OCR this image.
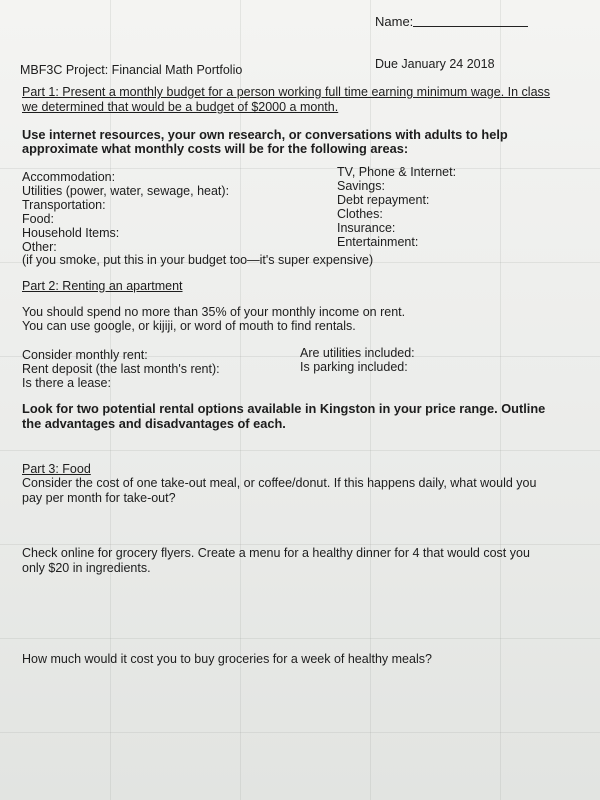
Name:
MBF3C Project: Financial Math Portfolio	Due January 24 2018
Part 1: Present a monthly budget for a person working full time earning minimum wage. In class
we determined that would be a budget of $2000 a month.
Use internet resources, your own research, or conversations with adults to help
approximate what monthly costs will be for the following areas:
Accommodation:
Utilities (power, water, sewage, heat):
Transportation:
Food:
Household Items:
Other:
TV, Phone & Internet:
Savings:
Debt repayment:
Clothes:
Insurance:
Entertainment:
(if you smoke, put this in your budget too—it's super expensive)
Part 2: Renting an apartment
You should spend no more than 35% of your monthly income on rent.
You can use google, or kijiji, or word of mouth to find rentals.
Consider monthly rent:
Rent deposit (the last month's rent):
Is there a lease:
Are utilities included:
Is parking included:
Look for two potential rental options available in Kingston in your price range. Outline
the advantages and disadvantages of each.
Part 3: Food
Consider the cost of one take-out meal, or coffee/donut. If this happens daily, what would you
pay per month for take-out?
Check online for grocery flyers. Create a menu for a healthy dinner for 4 that would cost you
only $20 in ingredients.
How much would it cost you to buy groceries for a week of healthy meals?
